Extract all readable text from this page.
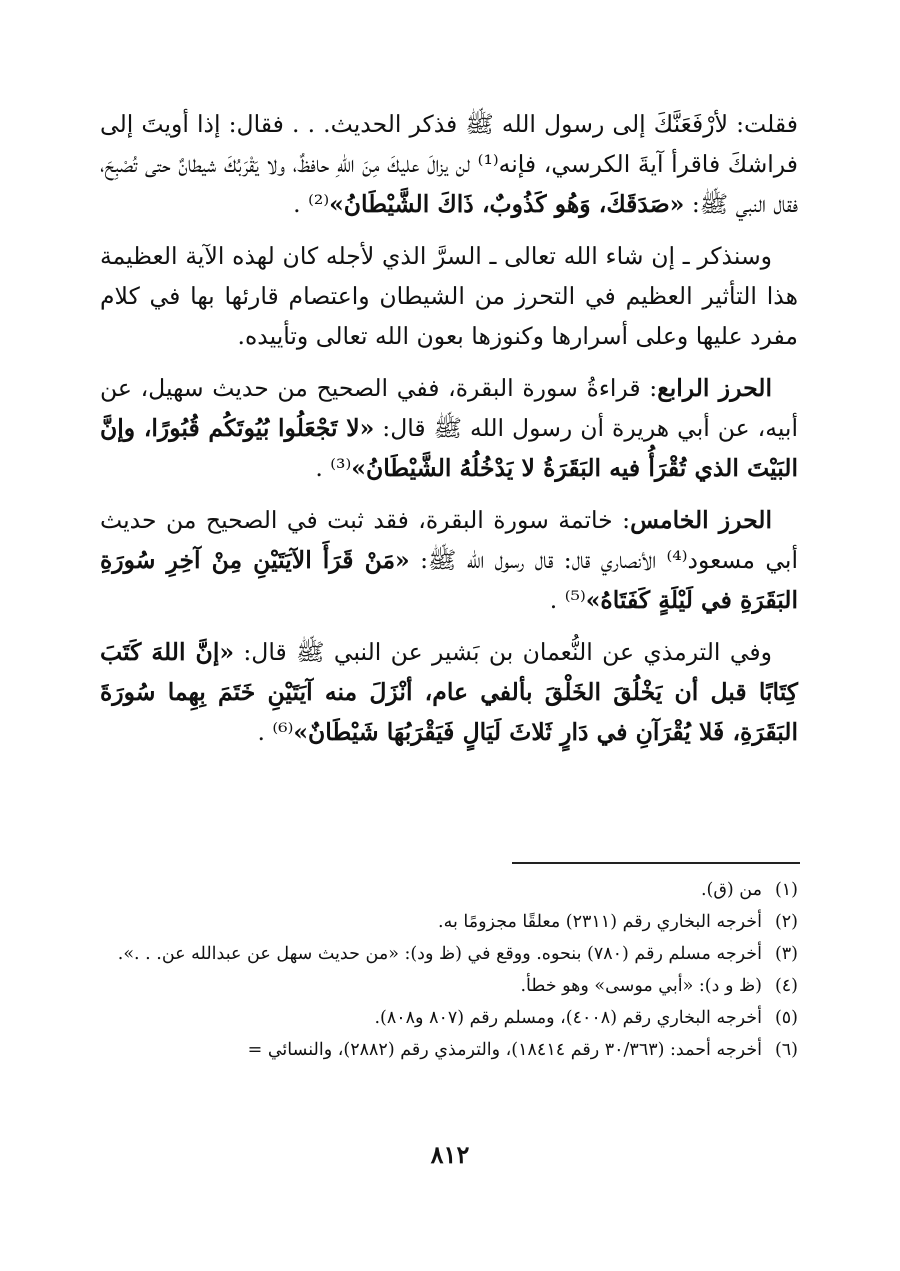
فقلت: لأرْفَعَنَّكَ إلى رسول الله ﷺ فذكر الحديث. . . فقال: إذا أويتَ إلى فراشكَ فاقرأ آيةَ الكرسي، فإنه⁽¹⁾ لن يزالَ عليكَ مِنَ اللهِ حافظٌ، ولا يَقْرَبُكَ شيطانٌ حتى تُصْبِحَ، فقال النبي ﷺ: «صَدَقَكَ، وَهُو كَذُوبٌ، ذَاكَ الشَّيْطَانُ»⁽²⁾ .

وسنذكر ـ إن شاء الله تعالى ـ السرَّ الذي لأجله كان لهذه الآية العظيمة هذا التأثير العظيم في التحرز من الشيطان واعتصام قارئها بها في كلام مفرد عليها وعلى أسرارها وكنوزها بعون الله تعالى وتأييده.

الحرز الرابع: قراءةُ سورة البقرة، ففي الصحيح من حديث سهيل، عن أبيه، عن أبي هريرة أن رسول الله ﷺ قال: «لا تَجْعَلُوا بُيُوتَكُم قُبُورًا، وإنَّ البَيْتَ الذي تُقْرَأُ فيه البَقَرَةُ لا يَدْخُلُهُ الشَّيْطَانُ»⁽³⁾ .

الحرز الخامس: خاتمة سورة البقرة، فقد ثبت في الصحيح من حديث أبي مسعود⁽⁴⁾ الأنصاري قال: قال رسول الله ﷺ: «مَنْ قَرَأَ الآيَتَيْنِ مِنْ آخِرِ سُورَةِ البَقَرَةِ في لَيْلَةٍ كَفَتَاهُ»⁽⁵⁾ .

وفي الترمذي عن النُّعمان بن بَشير عن النبي ﷺ قال: «إنَّ اللهَ كَتَبَ كِتَابًا قبل أن يَخْلُقَ الخَلْقَ بألفي عام، أنْزَلَ منه آيَتَيْنِ خَتَمَ بِهِما سُورَةَ البَقَرَةِ، فَلا يُقْرَآنِ في دَارٍ ثَلاثَ لَيَالٍ فَيَقْرَبُهَا شَيْطَانٌ»⁽⁶⁾ .

(١)
من (ق).
(٢)
أخرجه البخاري رقم (٢٣١١) معلقًا مجزومًا به.
(٣)
أخرجه مسلم رقم (٧٨٠) بنحوه. ووقع في (ظ ود): «من حديث سهل عن عبدالله عن. . .».
(٤)
(ظ و د): «أبي موسى» وهو خطأ.
(٥)
أخرجه البخاري رقم (٤٠٠٨)، ومسلم رقم (٨٠٧ و٨٠٨).
(٦)
أخرجه أحمد: (٣٠/٣٦٣ رقم ١٨٤١٤)، والترمذي رقم (٢٨٨٢)، والنسائي =
٨١٢
